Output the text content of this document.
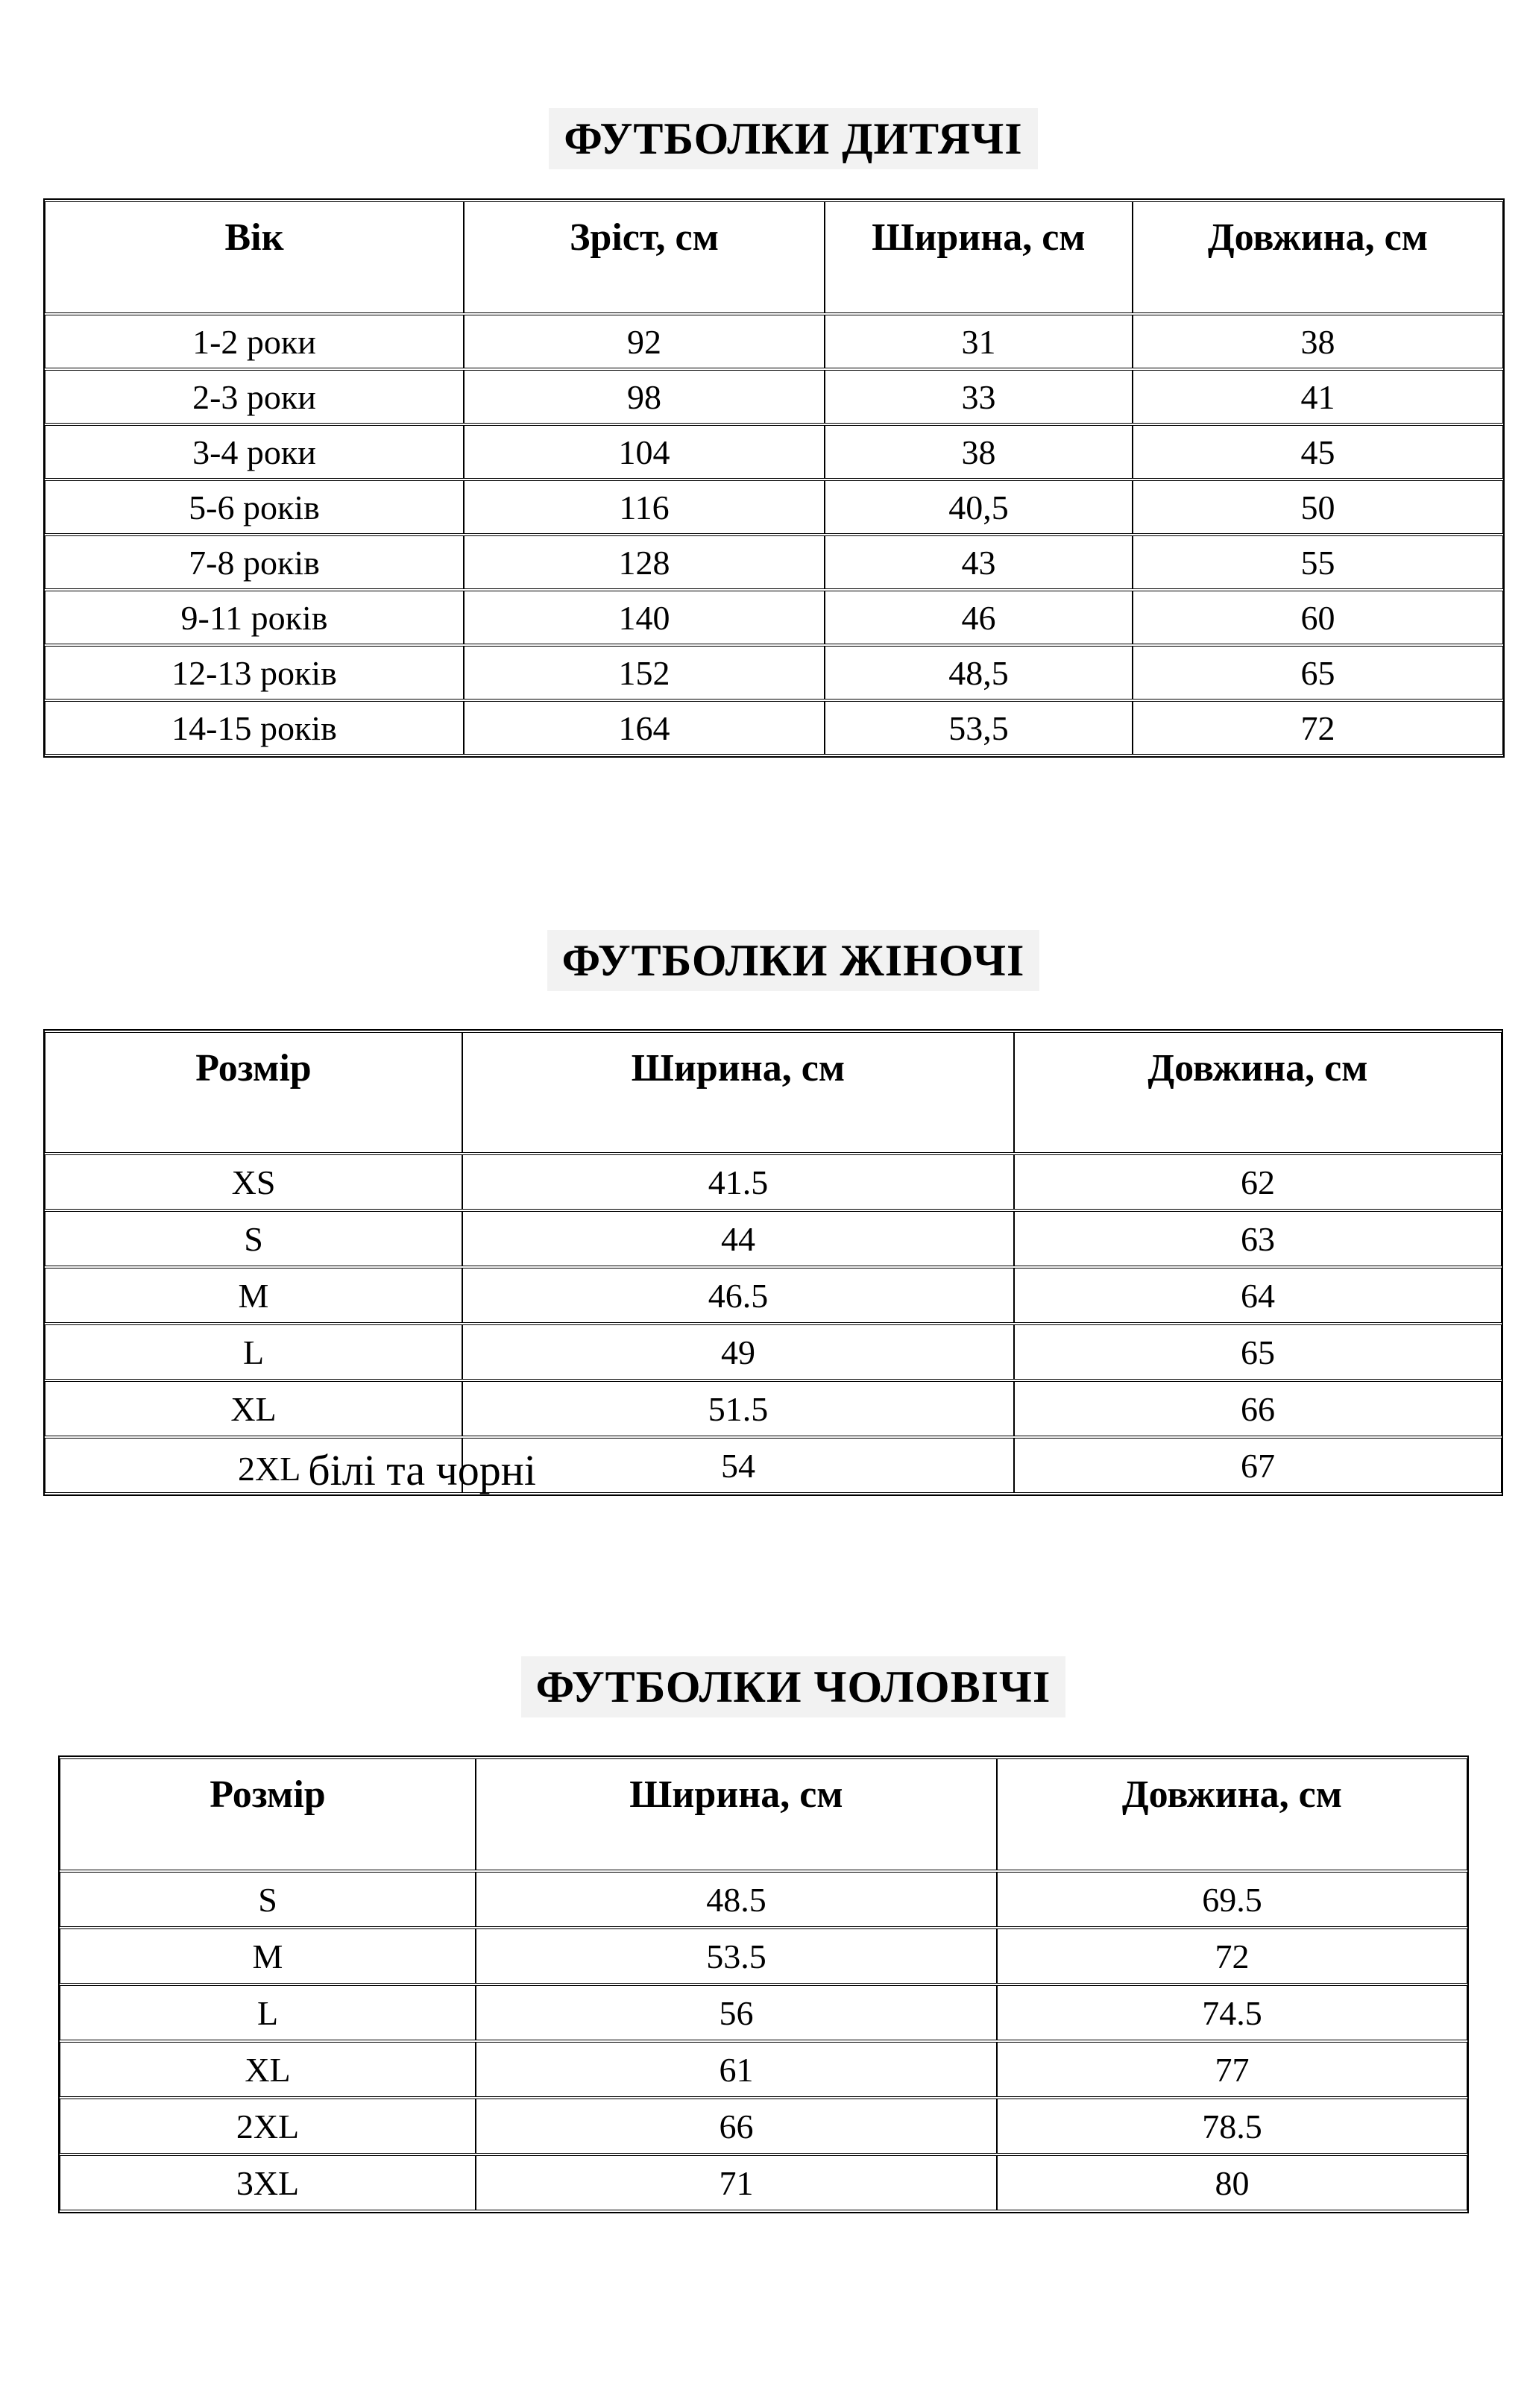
ФУТБОЛКИ ДИТЯЧІ
Вік	Зріст, см	Ширина, см	Довжина, см
1-2 роки	92	31	38
2-3 роки	98	33	41
3-4 роки	104	38	45
5-6 років	116	40,5	50
7-8 років	128	43	55
9-11 років	140	46	60
12-13 років	152	48,5	65
14-15 років	164	53,5	72
ФУТБОЛКИ ЖІНОЧІ
Розмір	Ширина, см	Довжина, см
XS	41.5	62
S	44	63
M	46.5	64
L	49	65
XL	51.5	66
2XL білі та чорні	54	67
ФУТБОЛКИ ЧОЛОВІЧІ
Розмір	Ширина, см	Довжина, см
S	48.5	69.5
M	53.5	72
L	56	74.5
XL	61	77
2XL	66	78.5
3XL	71	80
